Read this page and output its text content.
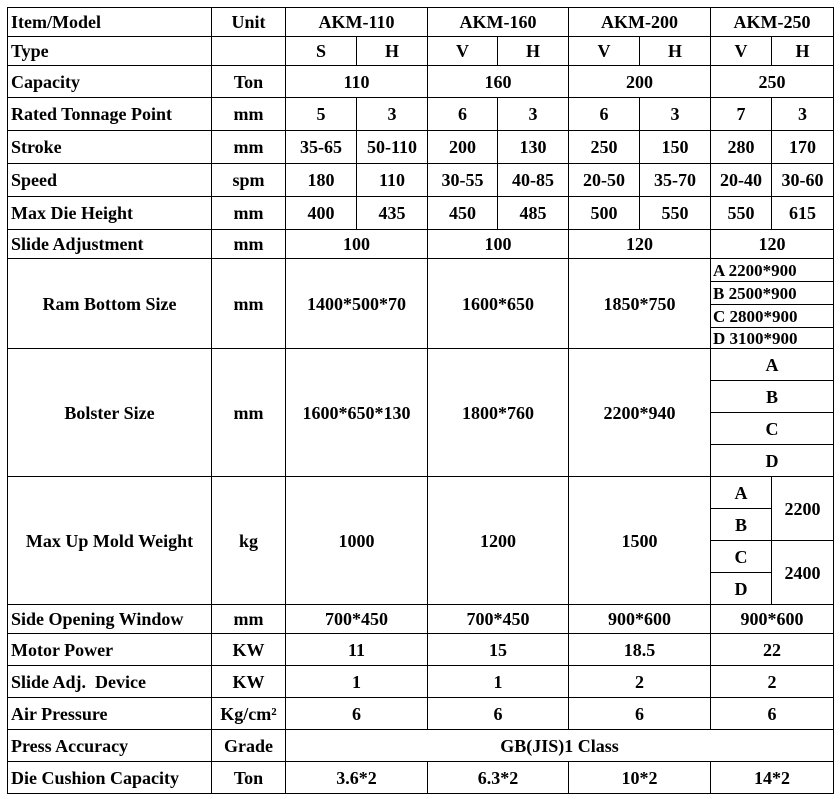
Item/Model	Unit	AKM-110		AKM-160		AKM-200		AKM-250	
Type		S	H	V	H	V	H	V	H
Capacity	Ton	110		160		200		250	
Rated Tonnage Point	mm	5	3	6	3	6	3	7	3
Stroke	mm	35-65	50-110	200	130	250	150	280	170
Speed	spm	180	110	30-55	40-85	20-50	35-70	20-40	30-60
Max Die Height	mm	400	435	450	485	500	550	550	615
Slide Adjustment	mm	100		100		120		120	
Ram Bottom Size	mm	1400*500*70		1600*650		1850*750		A 2200*900	
								B 2500*900	
								C 2800*900	
								D 3100*900	
Bolster Size	mm	1600*650*130		1800*760		2200*940		A	
								B	
								C	
								D	
Max Up Mold Weight	kg	1000		1200		1500		A	2200
								B	
								C	2400
								D	
Side Opening Window	mm	700*450		700*450		900*600		900*600	
Motor Power	KW	11		15		18.5		22	
Slide Adj.  Device	KW	1		1		2		2	
Air Pressure	Kg/cm²	6		6		6		6	
Press Accuracy	Grade	GB(JIS)1 Class							
Die Cushion Capacity	Ton	3.6*2		6.3*2		10*2		14*2	
